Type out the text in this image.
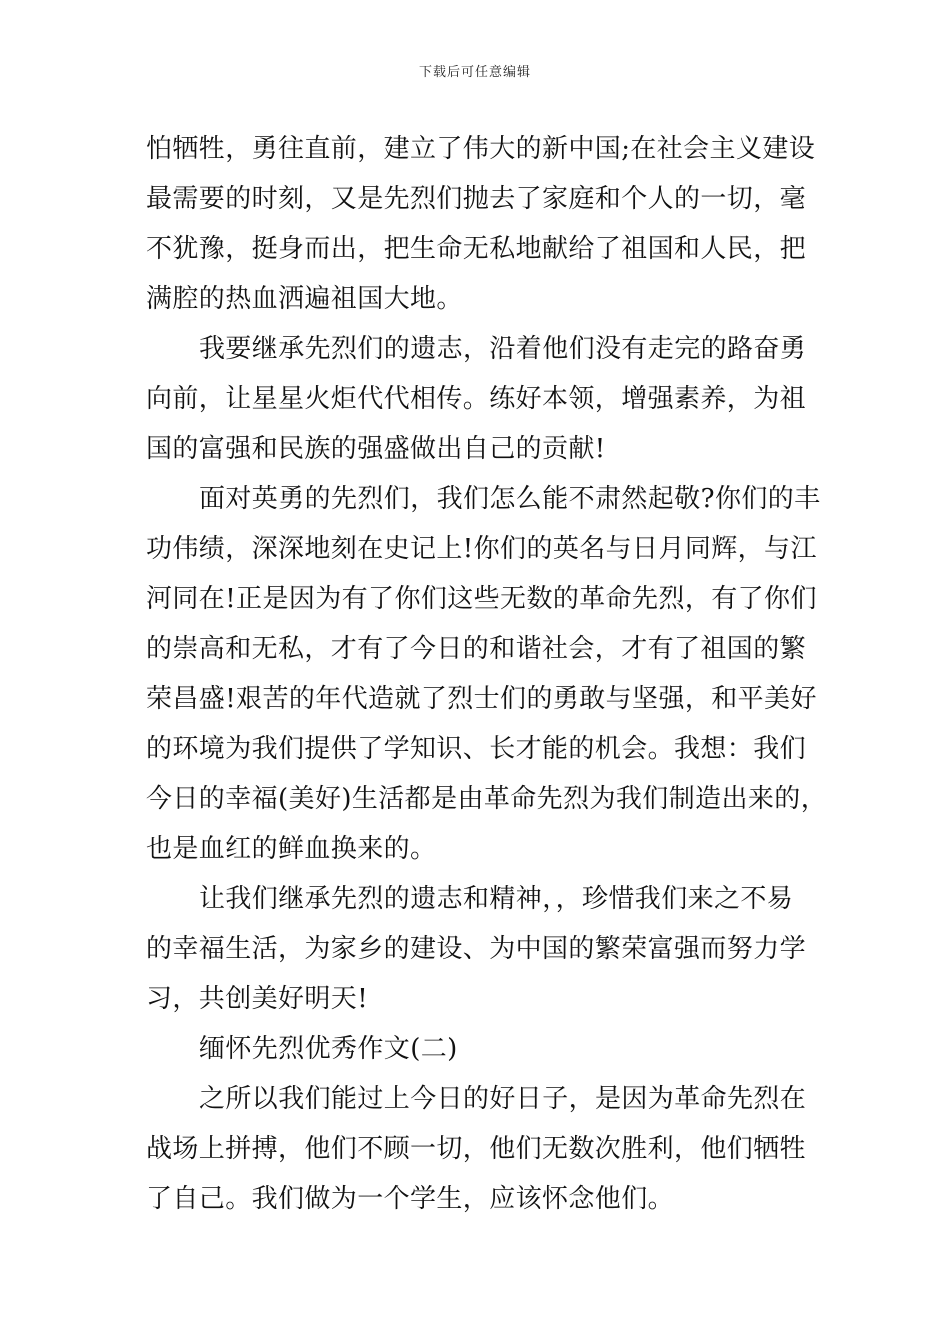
下载后可任意编辑
怕牺牲，勇往直前，建立了伟大的新中国;在社会主义建设
最需要的时刻，又是先烈们抛去了家庭和个人的一切，毫
不犹豫，挺身而出，把生命无私地献给了祖国和人民，把
满腔的热血洒遍祖国大地。
我要继承先烈们的遗志，沿着他们没有走完的路奋勇
向前，让星星火炬代代相传。练好本领，增强素养，为祖
国的富强和民族的强盛做出自己的贡献!
面对英勇的先烈们，我们怎么能不肃然起敬?你们的丰
功伟绩，深深地刻在史记上!你们的英名与日月同辉，与江
河同在!正是因为有了你们这些无数的革命先烈，有了你们
的崇高和无私，才有了今日的和谐社会，才有了祖国的繁
荣昌盛!艰苦的年代造就了烈士们的勇敢与坚强，和平美好
的环境为我们提供了学知识、长才能的机会。我想：我们
今日的幸福(美好)生活都是由革命先烈为我们制造出来的，
也是血红的鲜血换来的。
让我们继承先烈的遗志和精神，，珍惜我们来之不易
的幸福生活，为家乡的建设、为中国的繁荣富强而努力学
习，共创美好明天!
缅怀先烈优秀作文(二)
之所以我们能过上今日的好日子，是因为革命先烈在
战场上拼搏，他们不顾一切，他们无数次胜利，他们牺牲
了自己。我们做为一个学生，应该怀念他们。
